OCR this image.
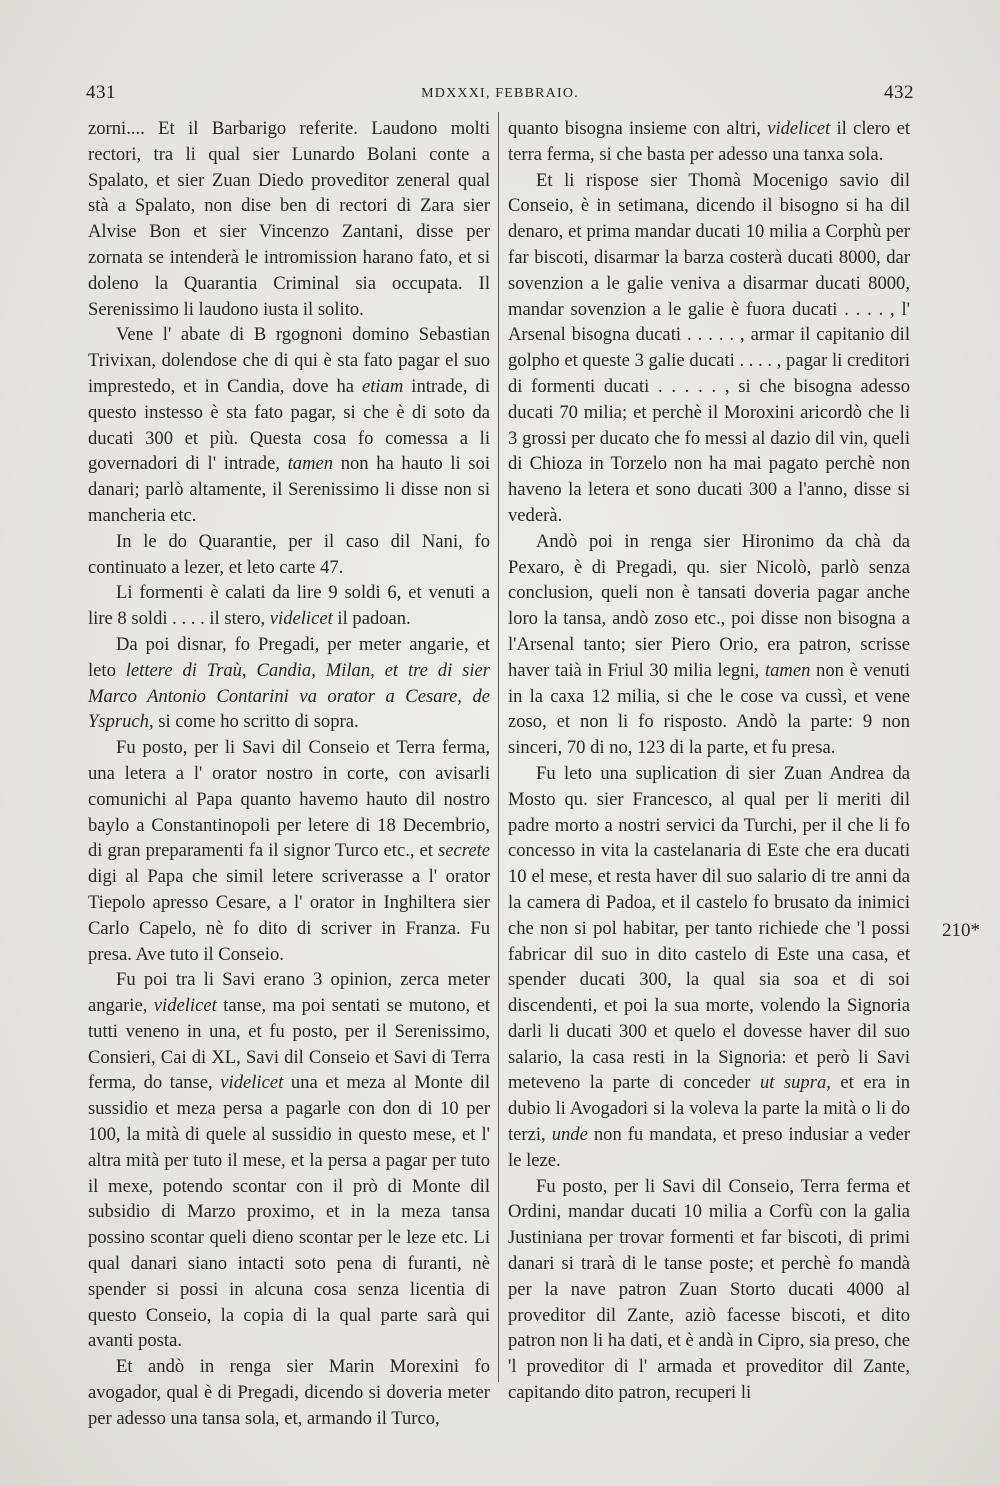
431	MDXXXI, FEBBRAIO.	432

zorni.... Et il Barbarigo referite. Laudono molti rectori, tra li qual sier Lunardo Bolani conte a Spalato, et sier Zuan Diedo proveditor zeneral qual stà a Spalato, non dise ben di rectori di Zara sier Alvise Bon et sier Vincenzo Zantani, disse per zornata se intenderà le intromission harano fato, et si doleno la Quarantia Criminal sia occupata. Il Serenissimo li laudono iusta il solito.

Vene l' abate di B rgognoni domino Sebastian Trivixan, dolendose che di qui è sta fato pagar el suo imprestedo, et in Candia, dove ha etiam intrade, di questo instesso è sta fato pagar, si che è di soto da ducati 300 et più. Questa cosa fo comessa a li governadori di l' intrade, tamen non ha hauto li soi danari; parlò altamente, il Serenissimo li disse non si mancheria etc.

In le do Quarantie, per il caso dil Nani, fo continuato a lezer, et leto carte 47.

Li formenti è calati da lire 9 soldi 6, et venuti a lire 8 soldi . . . . il stero, videlicet il padoan.

Da poi disnar, fo Pregadi, per meter angarie, et leto lettere di Traù, Candia, Milan, et tre di sier Marco Antonio Contarini va orator a Cesare, de Yspruch, si come ho scritto di sopra.

Fu posto, per li Savi dil Conseio et Terra ferma, una letera a l' orator nostro in corte, con avisarli comunichi al Papa quanto havemo hauto dil nostro baylo a Constantinopoli per letere di 18 Decembrio, di gran preparamenti fa il signor Turco etc., et secrete digi al Papa che simil letere scriverasse a l' orator Tiepolo apresso Cesare, a l' orator in Inghiltera sier Carlo Capelo, nè fo dito di scriver in Franza. Fu presa. Ave tuto il Conseio.

Fu poi tra li Savi erano 3 opinion, zerca meter angarie, videlicet tanse, ma poi sentati se mutono, et tutti veneno in una, et fu posto, per il Serenissimo, Consieri, Cai di XL, Savi dil Conseio et Savi di Terra ferma, do tanse, videlicet una et meza al Monte dil sussidio et meza persa a pagarle con don di 10 per 100, la mità di quele al sussidio in questo mese, et l' altra mità per tuto il mese, et la persa a pagar per tuto il mexe, potendo scontar con il prò di Monte dil subsidio di Marzo proximo, et in la meza tansa possino scontar queli dieno scontar per le leze etc. Li qual danari siano intacti soto pena di furanti, nè spender si possi in alcuna cosa senza licentia di questo Conseio, la copia di la qual parte sarà qui avanti posta.

Et andò in renga sier Marin Morexini fo avogador, qual è di Pregadi, dicendo si doveria meter per adesso una tansa sola, et, armando il Turco,

quanto bisogna insieme con altri, videlicet il clero et terra ferma, si che basta per adesso una tanxa sola.

Et li rispose sier Thomà Mocenigo savio dil Conseio, è in setimana, dicendo il bisogno si ha dil denaro, et prima mandar ducati 10 milia a Corphù per far biscoti, disarmar la barza costerà ducati 8000, dar sovenzion a le galie veniva a disarmar ducati 8000, mandar sovenzion a le galie è fuora ducati . . . . , l' Arsenal bisogna ducati . . . . . , armar il capitanio dil golpho et queste 3 galie ducati . . . . , pagar li creditori di formenti ducati . . . . . , si che bisogna adesso ducati 70 milia; et perchè il Moroxini aricordò che li 3 grossi per ducato che fo messi al dazio dil vin, queli di Chioza in Torzelo non ha mai pagato perchè non haveno la letera et sono ducati 300 a l'anno, disse si vederà.

Andò poi in renga sier Hironimo da chà da Pexaro, è di Pregadi, qu. sier Nicolò, parlò senza conclusion, queli non è tansati doveria pagar anche loro la tansa, andò zoso etc., poi disse non bisogna a l'Arsenal tanto; sier Piero Orio, era patron, scrisse haver taià in Friul 30 milia legni, tamen non è venuti in la caxa 12 milia, si che le cose va cussì, et vene zoso, et non li fo risposto. Andò la parte: 9 non sinceri, 70 di no, 123 di la parte, et fu presa.

Fu leto una suplication di sier Zuan Andrea da Mosto qu. sier Francesco, al qual per li meriti dil padre morto a nostri servici da Turchi, per il che li fo concesso in vita la castelanaria di Este che era ducati 10 el mese, et resta haver dil suo salario di tre anni da la camera di Padoa, et il castelo fo brusato da inimici che non si pol habitar, per tanto richiede che 'l possi fabricar dil suo in dito castelo di Este una casa, et spender ducati 300, la qual sia soa et di soi discendenti, et poi la sua morte, volendo la Signoria darli li ducati 300 et quelo el dovesse haver dil suo salario, la casa resti in la Signoria: et però li Savi meteveno la parte di conceder ut supra, et era in dubio li Avogadori si la voleva la parte la mità o li do terzi, unde non fu mandata, et preso indusiar a veder le leze.

Fu posto, per li Savi dil Conseio, Terra ferma et Ordini, mandar ducati 10 milia a Corfù con la galia Justiniana per trovar formenti et far biscoti, di primi danari si trarà di le tanse poste; et perchè fo mandà per la nave patron Zuan Storto ducati 4000 al proveditor dil Zante, aziò facesse biscoti, et dito patron non li ha dati, et è andà in Cipro, sia preso, che 'l proveditor di l' armada et proveditor dil Zante, capitando dito patron, recuperi li

210*
